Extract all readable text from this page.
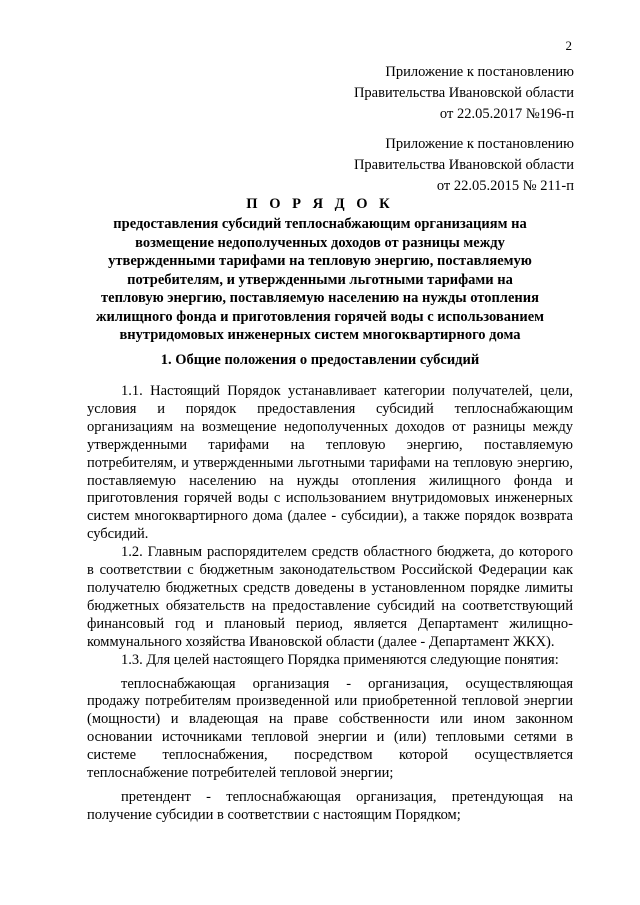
2
Приложение к постановлению
Правительства Ивановской области
от 22.05.2017 №196-п
Приложение к постановлению
Правительства Ивановской области
от 22.05.2015 № 211-п
П О Р Я Д О К
предоставления субсидий теплоснабжающим организациям на возмещение недополученных доходов от разницы между утвержденными тарифами на тепловую энергию, поставляемую потребителям, и утвержденными льготными тарифами на тепловую энергию, поставляемую населению на нужды отопления жилищного фонда и приготовления горячей воды с использованием внутридомовых инженерных систем многоквартирного дома
1. Общие положения о предоставлении субсидий

1.1. Настоящий Порядок устанавливает категории получателей, цели, условия и порядок предоставления субсидий теплоснабжающим организациям на возмещение недополученных доходов от разницы между утвержденными тарифами на тепловую энергию, поставляемую потребителям, и утвержденными льготными тарифами на тепловую энергию, поставляемую населению на нужды отопления жилищного фонда и приготовления горячей воды с использованием внутридомовых инженерных систем многоквартирного дома (далее - субсидии), а также порядок возврата субсидий.

1.2. Главным распорядителем средств областного бюджета, до которого в соответствии с бюджетным законодательством Российской Федерации как получателю бюджетных средств доведены в установленном порядке лимиты бюджетных обязательств на предоставление субсидий на соответствующий финансовый год и плановый период, является Департамент жилищно-коммунального хозяйства Ивановской области (далее - Департамент ЖКХ).

1.3. Для целей настоящего Порядка применяются следующие понятия:

теплоснабжающая организация - организация, осуществляющая продажу потребителям произведенной или приобретенной тепловой энергии (мощности) и владеющая на праве собственности или ином законном основании источниками тепловой энергии и (или) тепловыми сетями в системе теплоснабжения, посредством которой осуществляется теплоснабжение потребителей тепловой энергии;

претендент - теплоснабжающая организация, претендующая на получение субсидии в соответствии с настоящим Порядком;
